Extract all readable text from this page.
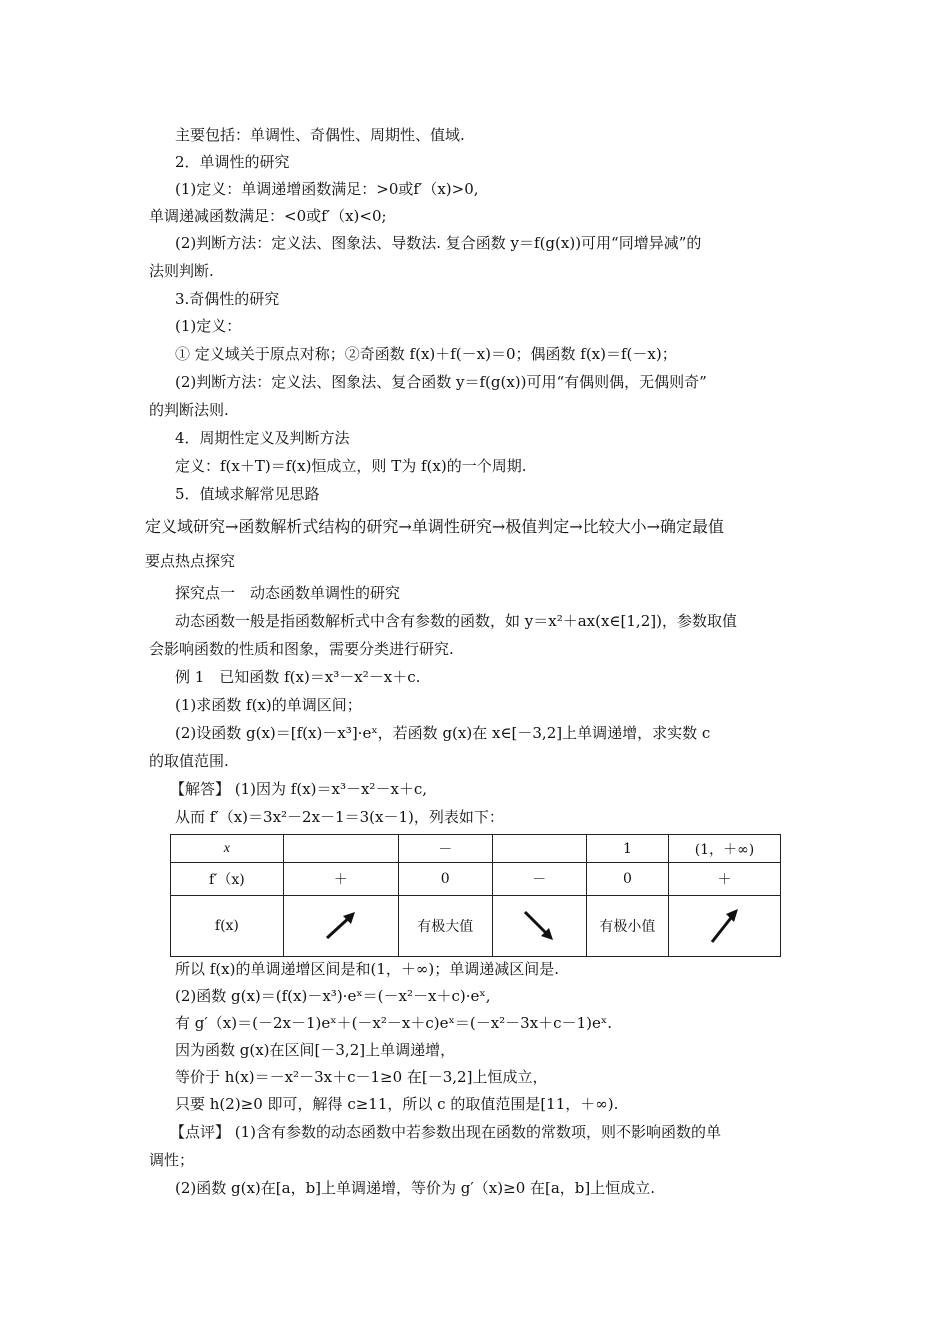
主要包括：单调性、奇偶性、周期性、值域.
2．单调性的研究
(1)定义：单调递增函数满足：>0或f′（x)>0,
单调递减函数满足：<0或f′（x)<0;
(2)判断方法：定义法、图象法、导数法. 复合函数 y＝f(g(x))可用“同增异减”的
法则判断.
3.奇偶性的研究
(1)定义：
① 定义域关于原点对称；②奇函数 f(x)＋f(－x)＝0；偶函数 f(x)＝f(－x)；
(2)判断方法：定义法、图象法、复合函数 y＝f(g(x))可用“有偶则偶，无偶则奇”
的判断法则.
4．周期性定义及判断方法
定义：f(x＋T)＝f(x)恒成立，则 T为 f(x)的一个周期.
5．值域求解常见思路
定义域研究→函数解析式结构的研究→单调性研究→极值判定→比较大小→确定最值
要点热点探究
探究点一　动态函数单调性的研究
动态函数一般是指函数解析式中含有参数的函数，如 y＝x²＋ax(x∈[1,2])，参数取值
会影响函数的性质和图象，需要分类进行研究.
例 1　已知函数 f(x)＝x³－x²－x＋c.
(1)求函数 f(x)的单调区间；
(2)设函数 g(x)＝[f(x)－x³]·eˣ，若函数 g(x)在 x∈[－3,2]上单调递增，求实数 c
的取值范围.
【解答】 (1)因为 f(x)＝x³－x²－x＋c,
从而 f′（x)＝3x²－2x－1＝3(x－1)，列表如下：
x		－		1	(1，＋∞)
f′（x)	＋	0	－	0	＋
f(x)		有极大值		有极小值	
所以 f(x)的单调递增区间是和(1，＋∞)；单调递减区间是.
(2)函数 g(x)＝(f(x)－x³)·eˣ＝(－x²－x＋c)·eˣ,
有 g′（x)＝(－2x－1)eˣ＋(－x²－x＋c)eˣ＝(－x²－3x＋c－1)eˣ.
因为函数 g(x)在区间[－3,2]上单调递增，
等价于 h(x)＝－x²－3x＋c－1≥0 在[－3,2]上恒成立，
只要 h(2)≥0 即可，解得 c≥11，所以 c 的取值范围是[11，＋∞).
【点评】 (1)含有参数的动态函数中若参数出现在函数的常数项，则不影响函数的单
调性；
(2)函数 g(x)在[a，b]上单调递增，等价为 g′（x)≥0 在[a，b]上恒成立.
